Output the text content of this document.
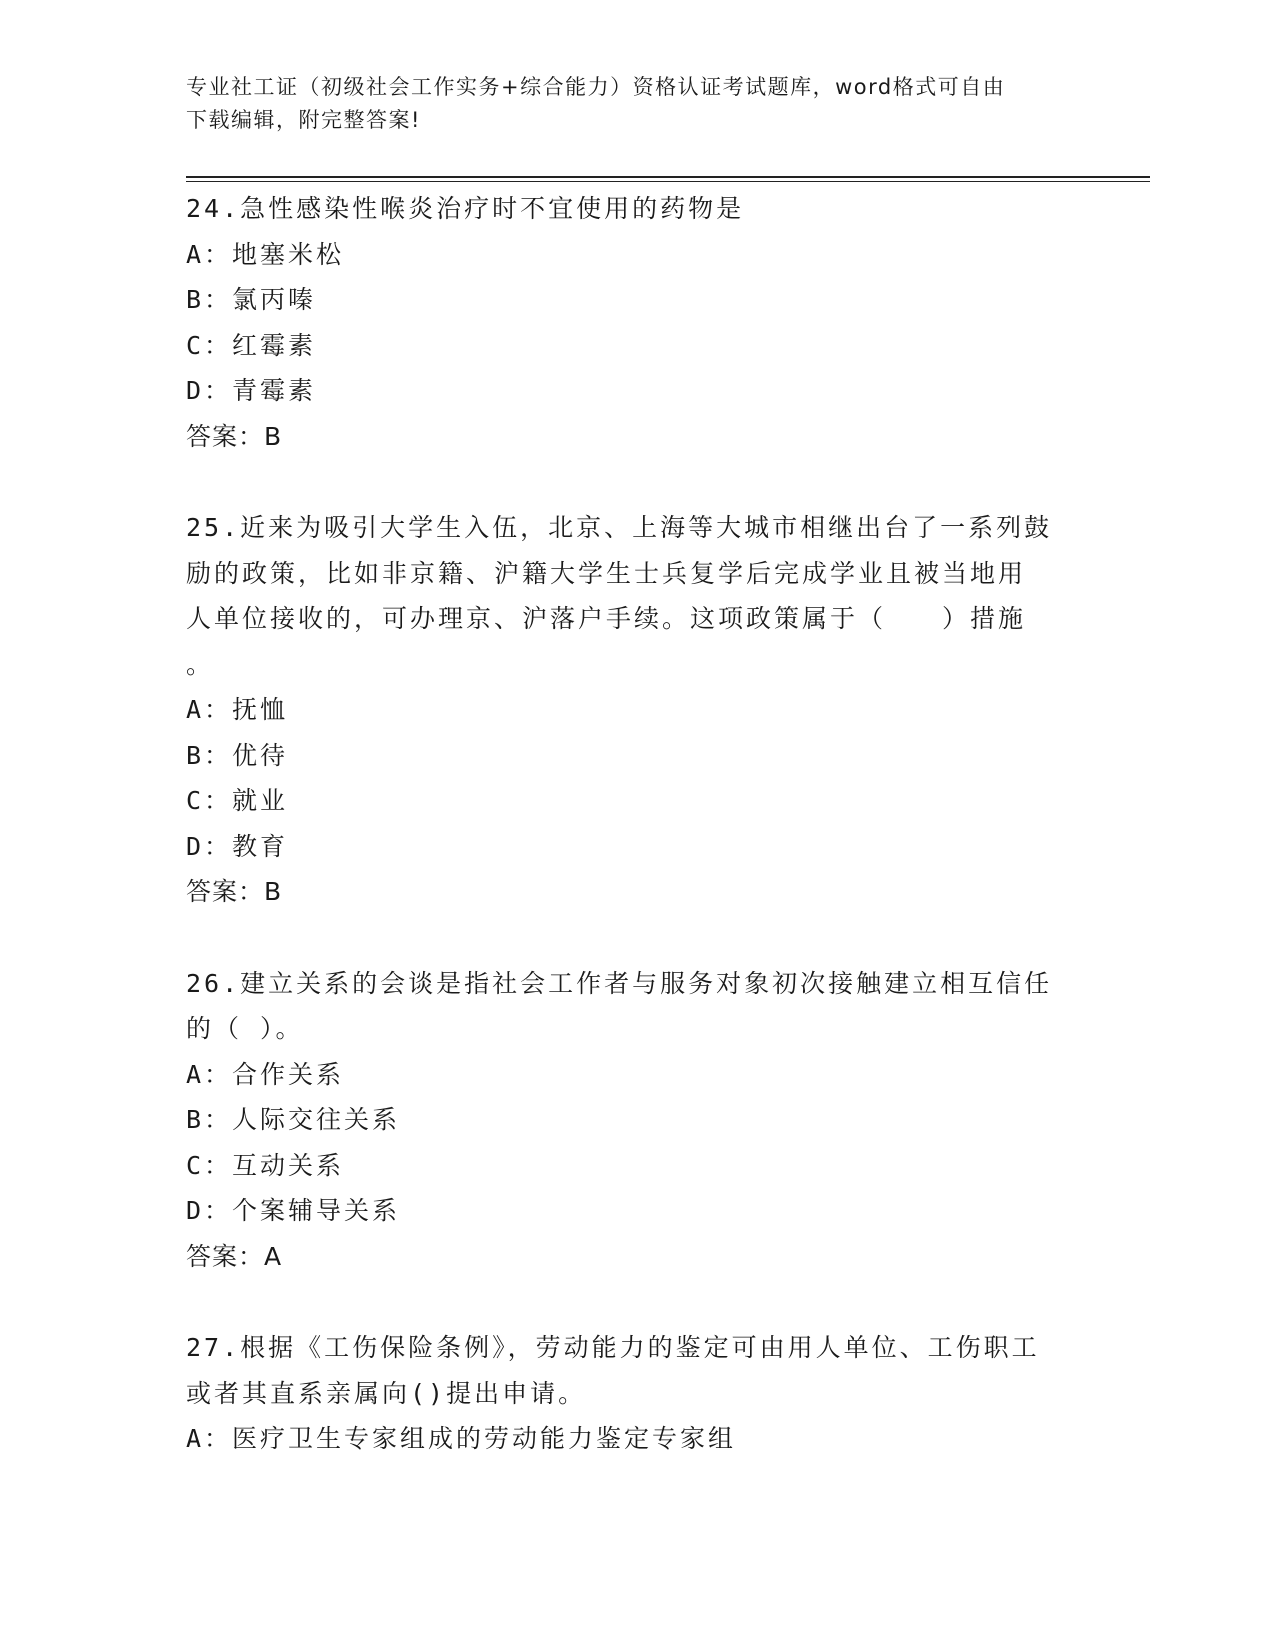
专业社工证（初级社会工作实务+综合能力）资格认证考试题库，word格式可自由
下载编辑，附完整答案!
24.急性感染性喉炎治疗时不宜使用的药物是
A：地塞米松
B：氯丙嗪
C：红霉素
D：青霉素
答案：B
25.近来为吸引大学生入伍，北京、上海等大城市相继出台了一系列鼓
励的政策，比如非京籍、沪籍大学生士兵复学后完成学业且被当地用
人单位接收的，可办理京、沪落户手续。这项政策属于（　　）措施
。
A：抚恤
B：优待
C：就业
D：教育
答案：B
26.建立关系的会谈是指社会工作者与服务对象初次接触建立相互信任
的（ ）。
A：合作关系
B：人际交往关系
C：互动关系
D：个案辅导关系
答案：A
27.根据《工伤保险条例》，劳动能力的鉴定可由用人单位、工伤职工
或者其直系亲属向()提出申请。
A：医疗卫生专家组成的劳动能力鉴定专家组
